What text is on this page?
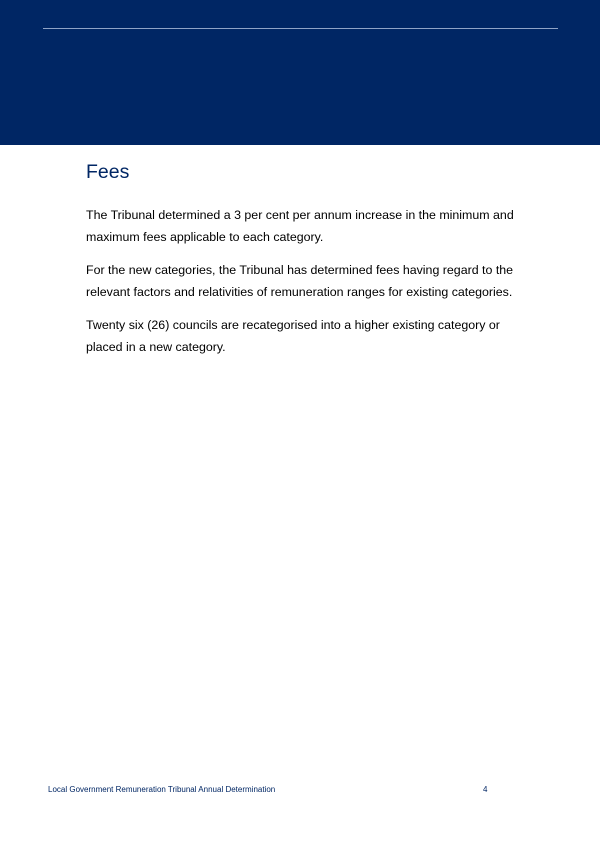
Fees

The Tribunal determined a 3 per cent per annum increase in the minimum and maximum fees applicable to each category.

For the new categories, the Tribunal has determined fees having regard to the relevant factors and relativities of remuneration ranges for existing categories.

Twenty six (26) councils are recategorised into a higher existing category or placed in a new category.

Local Government Remuneration Tribunal Annual Determination	4
